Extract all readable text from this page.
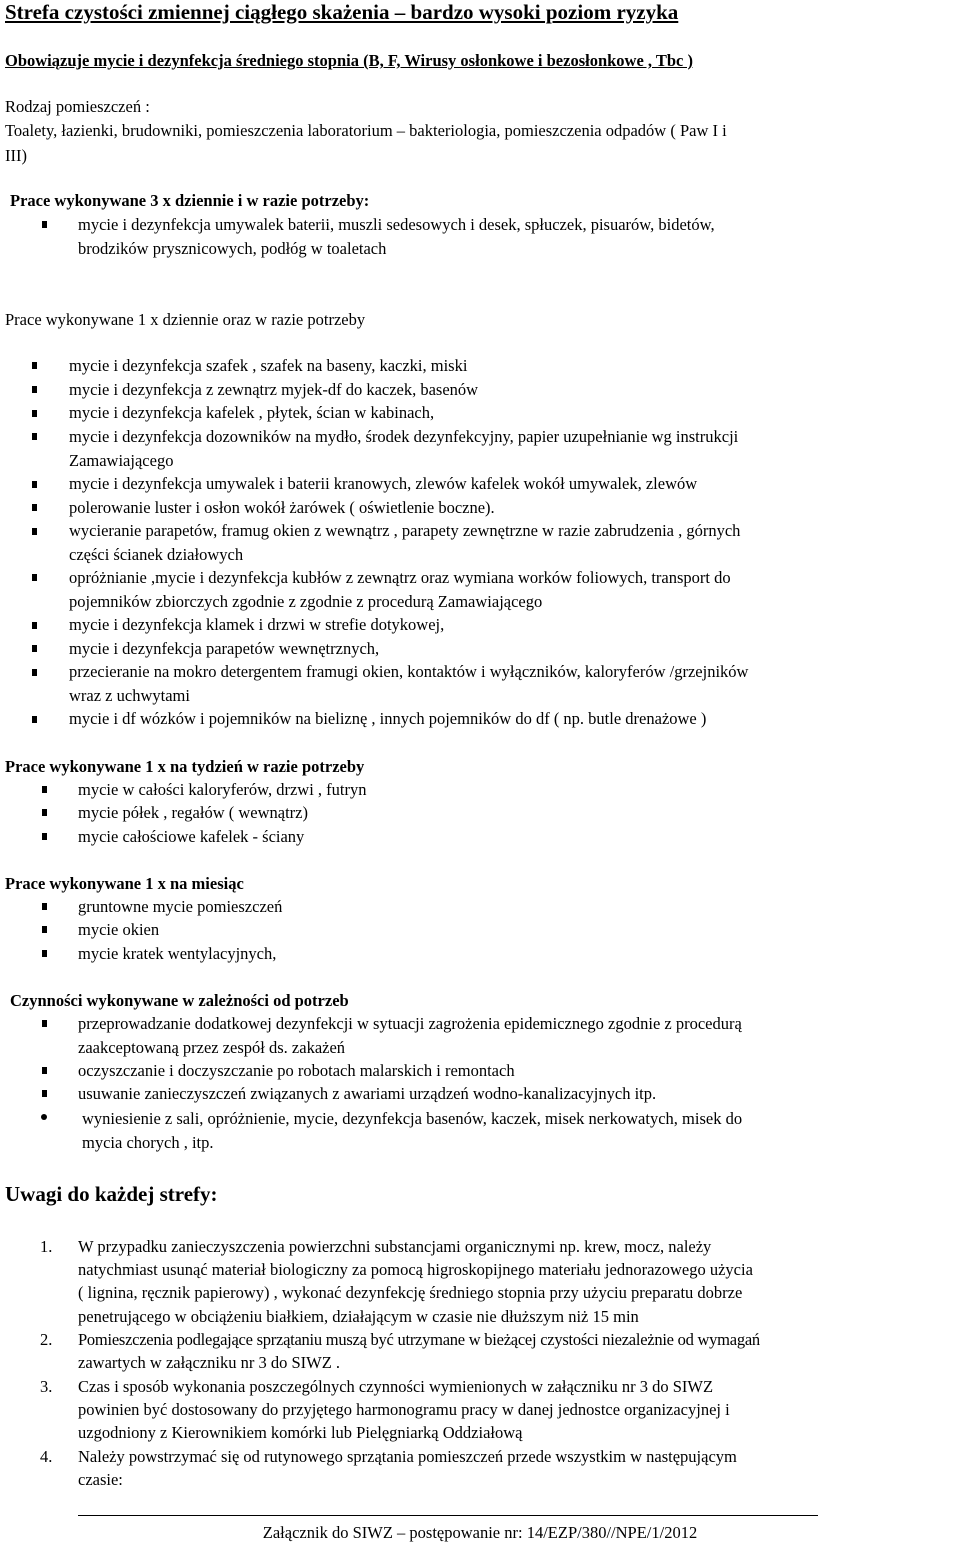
Strefa czystości zmiennej ciągłego skażenia – bardzo wysoki poziom ryzyka
Obowiązuje mycie i dezynfekcja średniego stopnia (B, F, Wirusy osłonkowe i bezosłonkowe , Tbc )
Rodzaj pomieszczeń :
Toalety, łazienki, brudowniki, pomieszczenia laboratorium – bakteriologia, pomieszczenia odpadów ( Paw I i
III)
Prace wykonywane 3 x dziennie i w razie potrzeby:
mycie i dezynfekcja umywalek baterii, muszli sedesowych i desek, spłuczek, pisuarów, bidetów,
brodzików prysznicowych, podłóg w toaletach
Prace wykonywane 1 x dziennie oraz w razie potrzeby
mycie i dezynfekcja szafek , szafek na baseny, kaczki, miski
mycie i dezynfekcja z zewnątrz myjek-df do kaczek, basenów
mycie i dezynfekcja kafelek , płytek, ścian w kabinach,
mycie i dezynfekcja dozowników na mydło, środek dezynfekcyjny, papier uzupełnianie wg instrukcji
Zamawiającego
mycie i dezynfekcja umywalek i baterii kranowych, zlewów kafelek wokół umywalek, zlewów
polerowanie luster i osłon wokół żarówek ( oświetlenie boczne).
wycieranie parapetów, framug okien z wewnątrz , parapety zewnętrzne w razie zabrudzenia , górnych
części ścianek działowych
opróżnianie ,mycie i dezynfekcja kubłów z zewnątrz oraz wymiana worków foliowych, transport do
pojemników zbiorczych zgodnie z zgodnie z procedurą Zamawiającego
mycie i dezynfekcja klamek i drzwi w strefie dotykowej,
mycie i dezynfekcja parapetów wewnętrznych,
przecieranie na mokro detergentem framugi okien, kontaktów i wyłączników, kaloryferów /grzejników
wraz z uchwytami
mycie i df wózków i pojemników na bieliznę , innych pojemników do df ( np. butle drenażowe )
Prace wykonywane 1 x na tydzień w razie potrzeby
mycie w całości kaloryferów, drzwi , futryn
mycie półek , regałów ( wewnątrz)
mycie całościowe kafelek - ściany
Prace wykonywane 1 x na miesiąc
gruntowne mycie pomieszczeń
mycie okien
mycie kratek wentylacyjnych,
Czynności wykonywane w zależności od potrzeb
przeprowadzanie dodatkowej dezynfekcji w sytuacji zagrożenia epidemicznego zgodnie z procedurą
zaakceptowaną przez zespół ds. zakażeń
oczyszczanie i doczyszczanie po robotach malarskich i remontach
usuwanie zanieczyszczeń związanych z awariami urządzeń wodno-kanalizacyjnych itp.
wyniesienie z sali, opróżnienie, mycie, dezynfekcja basenów, kaczek, misek nerkowatych, misek do
mycia chorych , itp.
Uwagi do każdej strefy:
1. W przypadku zanieczyszczenia powierzchni substancjami organicznymi np. krew, mocz, należy
natychmiast usunąć materiał biologiczny za pomocą higroskopijnego materiału jednorazowego użycia
( lignina, ręcznik papierowy) , wykonać dezynfekcję średniego stopnia przy użyciu preparatu dobrze
penetrującego w obciążeniu białkiem, działającym w czasie nie dłuższym niż 15 min
2. Pomieszczenia podlegające sprzątaniu muszą być utrzymane w bieżącej czystości niezależnie od wymagań
zawartych w załączniku nr 3 do SIWZ .
3. Czas i sposób wykonania poszczególnych czynności wymienionych w załączniku nr 3 do SIWZ
powinien być dostosowany do przyjętego harmonogramu pracy w danej jednostce organizacyjnej i
uzgodniony z Kierownikiem komórki lub Pielęgniarką Oddziałową
4. Należy powstrzymać się od rutynowego sprzątania pomieszczeń przede wszystkim w następującym
czasie:
Załącznik do SIWZ – postępowanie nr: 14/EZP/380//NPE/1/2012
